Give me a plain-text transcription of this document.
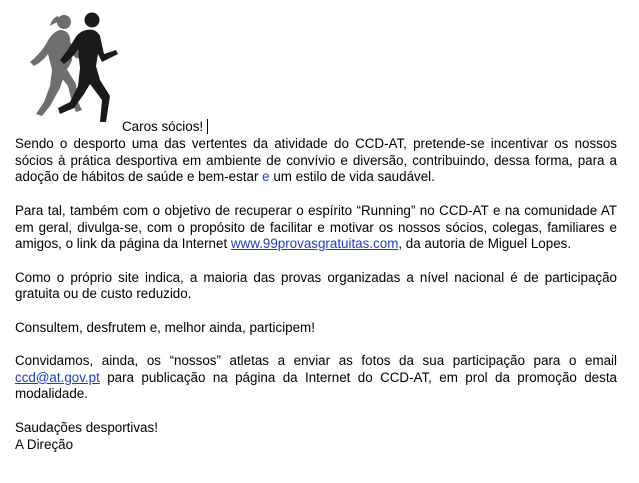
Caros sócios!

Sendo o desporto uma das vertentes da atividade do CCD-AT, pretende-se incentivar os nossos sócios à prática desportiva em ambiente de convívio e diversão, contribuindo, dessa forma, para a adoção de hábitos de saúde e bem-estar e um estilo de vida saudável.

Para tal, também com o objetivo de recuperar o espírito “Running” no CCD-AT e na comunidade AT em geral, divulga-se, com o propósito de facilitar e motivar os nossos sócios, colegas, familiares e amigos, o link da página da Internet www.99provasgratuitas.com, da autoria de Miguel Lopes.

Como o próprio site indica, a maioria das provas organizadas a nível nacional é de participação gratuita ou de custo reduzido.

Consultem, desfrutem e, melhor ainda, participem!

Convidamos, ainda, os “nossos” atletas a enviar as fotos da sua participação para o email ccd@at.gov.pt para publicação na página da Internet do CCD-AT, em prol da promoção desta modalidade.

Saudações desportivas!

A Direção
